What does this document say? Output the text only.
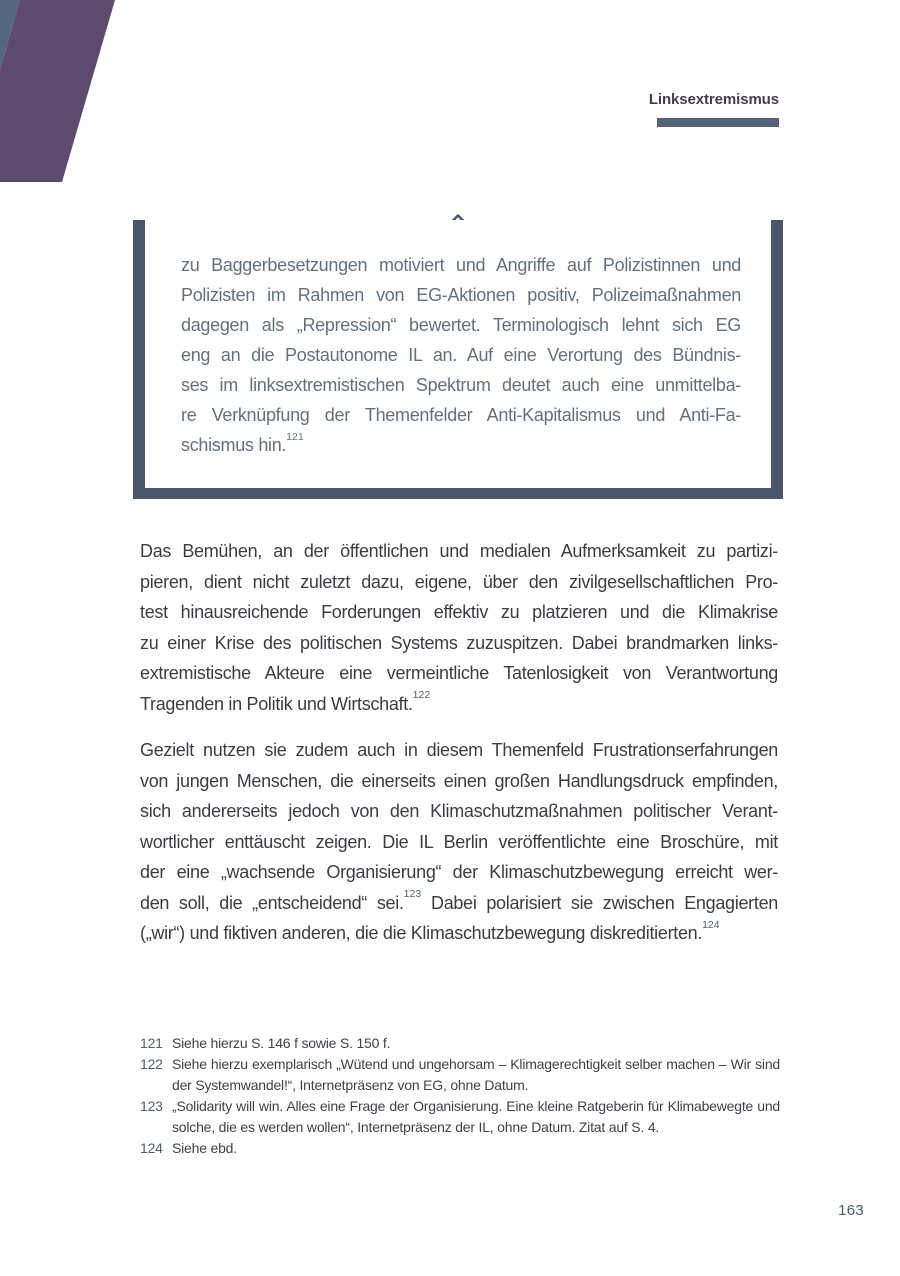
Linksextremismus
zu Baggerbesetzungen motiviert und Angriffe auf Polizistinnen und
Polizisten im Rahmen von EG-Aktionen positiv, Polizeimaßnahmen
dagegen als „Repression“ bewertet. Terminologisch lehnt sich EG
eng an die Postautonome IL an. Auf eine Verortung des Bündnis-
ses im linksextremistischen Spektrum deutet auch eine unmittelba-
re Verknüpfung der Themenfelder Anti-Kapitalismus und Anti-Fa-
schismus hin.$^{121}$
Das Bemühen, an der öffentlichen und medialen Aufmerksamkeit zu partizi-
pieren, dient nicht zuletzt dazu, eigene, über den zivilgesellschaftlichen Pro-
test hinausreichende Forderungen effektiv zu platzieren und die Klimakrise
zu einer Krise des politischen Systems zuzuspitzen. Dabei brandmarken links-
extremistische Akteure eine vermeintliche Tatenlosigkeit von Verantwortung
Tragenden in Politik und Wirtschaft.$^{122}$
Gezielt nutzen sie zudem auch in diesem Themenfeld Frustrationserfahrungen
von jungen Menschen, die einerseits einen großen Handlungsdruck empfinden,
sich andererseits jedoch von den Klimaschutzmaßnahmen politischer Verant-
wortlicher enttäuscht zeigen. Die IL Berlin veröffentlichte eine Broschüre, mit
der eine „wachsende Organisierung“ der Klimaschutzbewegung erreicht wer-
den soll, die „entscheidend“ sei.$^{123}$ Dabei polarisiert sie zwischen Engagierten
(„wir“) und fiktiven anderen, die die Klimaschutzbewegung diskreditierten.$^{124}$
121 Siehe hierzu S. 146 f sowie S. 150 f.
122 Siehe hierzu exemplarisch „Wütend und ungehorsam – Klimagerechtigkeit selber machen – Wir sind der Systemwandel!“, Internetpräsenz von EG, ohne Datum.
123 „Solidarity will win. Alles eine Frage der Organisierung. Eine kleine Ratgeberin für Klimabewegte und solche, die es werden wollen“, Internetpräsenz der IL, ohne Datum. Zitat auf S. 4.
124 Siehe ebd.
163
